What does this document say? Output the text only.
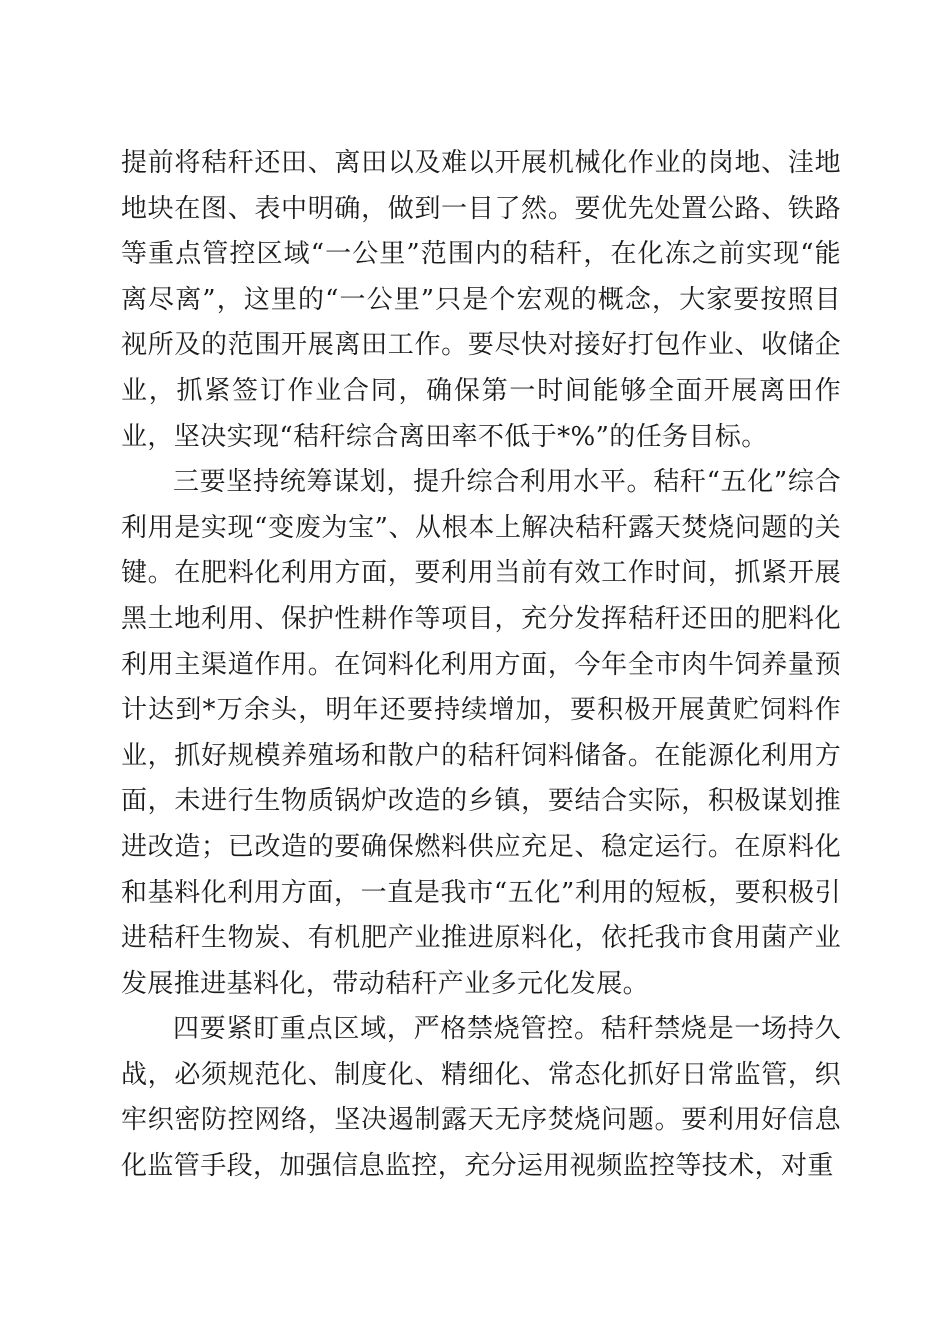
提前将秸秆还田、离田以及难以开展机械化作业的岗地、洼地地块在图、表中明确，做到一目了然。要优先处置公路、铁路等重点管控区域“一公里”范围内的秸秆，在化冻之前实现“能离尽离”，这里的“一公里”只是个宏观的概念，大家要按照目视所及的范围开展离田工作。要尽快对接好打包作业、收储企业，抓紧签订作业合同，确保第一时间能够全面开展离田作业，坚决实现“秸秆综合离田率不低于*%”的任务目标。

三要坚持统筹谋划，提升综合利用水平。秸秆“五化”综合利用是实现“变废为宝”、从根本上解决秸秆露天焚烧问题的关键。在肥料化利用方面，要利用当前有效工作时间，抓紧开展黑土地利用、保护性耕作等项目，充分发挥秸秆还田的肥料化利用主渠道作用。在饲料化利用方面，今年全市肉牛饲养量预计达到*万余头，明年还要持续增加，要积极开展黄贮饲料作业，抓好规模养殖场和散户的秸秆饲料储备。在能源化利用方面，未进行生物质锅炉改造的乡镇，要结合实际，积极谋划推进改造；已改造的要确保燃料供应充足、稳定运行。在原料化和基料化利用方面，一直是我市“五化”利用的短板，要积极引进秸秆生物炭、有机肥产业推进原料化，依托我市食用菌产业发展推进基料化，带动秸秆产业多元化发展。

四要紧盯重点区域，严格禁烧管控。秸秆禁烧是一场持久战，必须规范化、制度化、精细化、常态化抓好日常监管，织牢织密防控网络，坚决遏制露天无序焚烧问题。要利用好信息化监管手段，加强信息监控，充分运用视频监控等技术，对重
